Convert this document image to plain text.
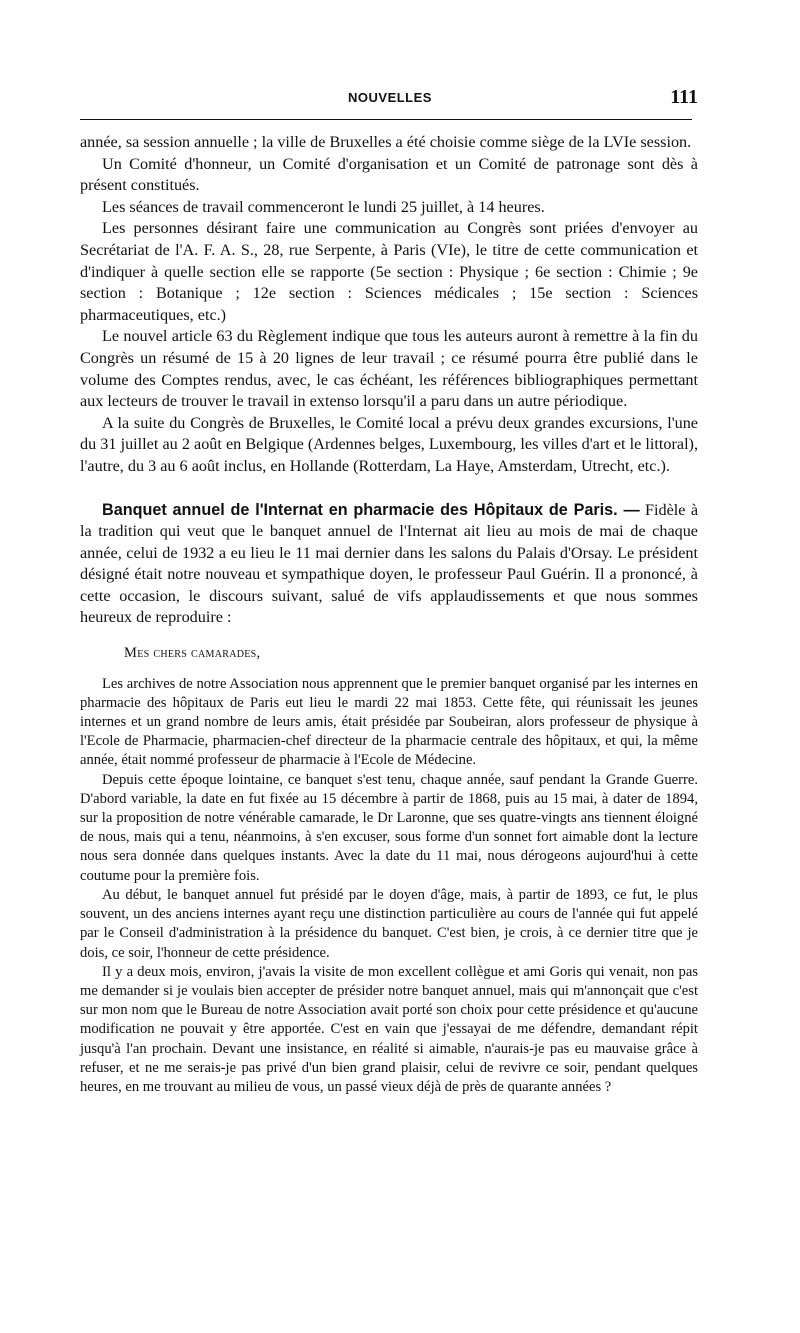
NOUVELLES	111

année, sa session annuelle ; la ville de Bruxelles a été choisie comme siège de la LVIe session.

Un Comité d'honneur, un Comité d'organisation et un Comité de patronage sont dès à présent constitués.

Les séances de travail commenceront le lundi 25 juillet, à 14 heures.

Les personnes désirant faire une communication au Congrès sont priées d'envoyer au Secrétariat de l'A. F. A. S., 28, rue Serpente, à Paris (VIe), le titre de cette communication et d'indiquer à quelle section elle se rapporte (5e section : Physique ; 6e section : Chimie ; 9e section : Botanique ; 12e section : Sciences médicales ; 15e section : Sciences pharmaceutiques, etc.)

Le nouvel article 63 du Règlement indique que tous les auteurs auront à remettre à la fin du Congrès un résumé de 15 à 20 lignes de leur travail ; ce résumé pourra être publié dans le volume des Comptes rendus, avec, le cas échéant, les références bibliographiques permettant aux lecteurs de trouver le travail in extenso lorsqu'il a paru dans un autre périodique.

A la suite du Congrès de Bruxelles, le Comité local a prévu deux grandes excursions, l'une du 31 juillet au 2 août en Belgique (Ardennes belges, Luxembourg, les villes d'art et le littoral), l'autre, du 3 au 6 août inclus, en Hollande (Rotterdam, La Haye, Amsterdam, Utrecht, etc.).

Banquet annuel de l'Internat en pharmacie des Hôpitaux de Paris. — Fidèle à la tradition qui veut que le banquet annuel de l'Internat ait lieu au mois de mai de chaque année, celui de 1932 a eu lieu le 11 mai dernier dans les salons du Palais d'Orsay. Le président désigné était notre nouveau et sympathique doyen, le professeur Paul Guérin. Il a prononcé, à cette occasion, le discours suivant, salué de vifs applaudissements et que nous sommes heureux de reproduire :

Mes chers camarades,

Les archives de notre Association nous apprennent que le premier banquet organisé par les internes en pharmacie des hôpitaux de Paris eut lieu le mardi 22 mai 1853. Cette fête, qui réunissait les jeunes internes et un grand nombre de leurs amis, était présidée par Soubeiran, alors professeur de physique à l'Ecole de Pharmacie, pharmacien-chef directeur de la pharmacie centrale des hôpitaux, et qui, la même année, était nommé professeur de pharmacie à l'Ecole de Médecine.

Depuis cette époque lointaine, ce banquet s'est tenu, chaque année, sauf pendant la Grande Guerre. D'abord variable, la date en fut fixée au 15 décembre à partir de 1868, puis au 15 mai, à dater de 1894, sur la proposition de notre vénérable camarade, le Dr Laronne, que ses quatre-vingts ans tiennent éloigné de nous, mais qui a tenu, néanmoins, à s'en excuser, sous forme d'un sonnet fort aimable dont la lecture nous sera donnée dans quelques instants. Avec la date du 11 mai, nous dérogeons aujourd'hui à cette coutume pour la première fois.

Au début, le banquet annuel fut présidé par le doyen d'âge, mais, à partir de 1893, ce fut, le plus souvent, un des anciens internes ayant reçu une distinction particulière au cours de l'année qui fut appelé par le Conseil d'administration à la présidence du banquet. C'est bien, je crois, à ce dernier titre que je dois, ce soir, l'honneur de cette présidence.

Il y a deux mois, environ, j'avais la visite de mon excellent collègue et ami Goris qui venait, non pas me demander si je voulais bien accepter de présider notre banquet annuel, mais qui m'annonçait que c'est sur mon nom que le Bureau de notre Association avait porté son choix pour cette présidence et qu'aucune modification ne pouvait y être apportée. C'est en vain que j'essayai de me défendre, demandant répit jusqu'à l'an prochain. Devant une insistance, en réalité si aimable, n'aurais-je pas eu mauvaise grâce à refuser, et ne me serais-je pas privé d'un bien grand plaisir, celui de revivre ce soir, pendant quelques heures, en me trouvant au milieu de vous, un passé vieux déjà de près de quarante années ?
